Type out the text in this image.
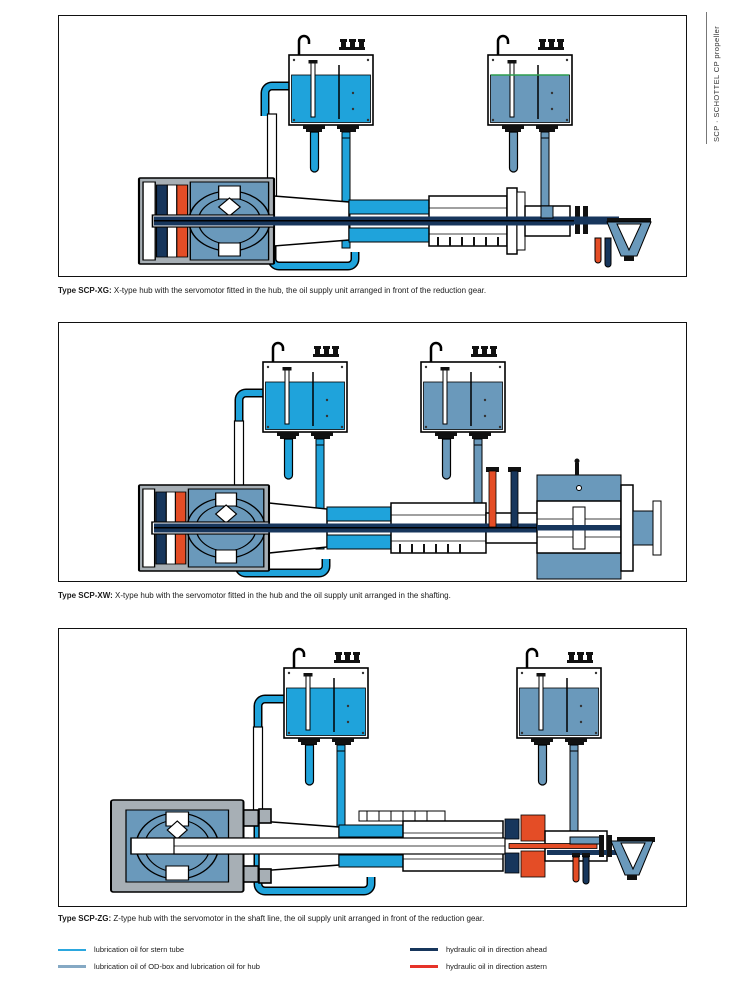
Type SCP-XG: X-type hub with the servomotor fitted in the hub, the oil supply unit arranged in front of the reduction gear.
Type SCP-XW: X-type hub with the servomotor fitted in the hub and the oil supply unit arranged in the shafting.
Type SCP-ZG: Z-type hub with the servomotor in the shaft line, the oil supply unit arranged in front of the reduction gear.
lubrication oil for stern tube
lubrication oil of OD-box and lubrication oil for hub
hydraulic oil in direction ahead
hydraulic oil in direction astern
SCP · SCHOTTEL CP propeller
